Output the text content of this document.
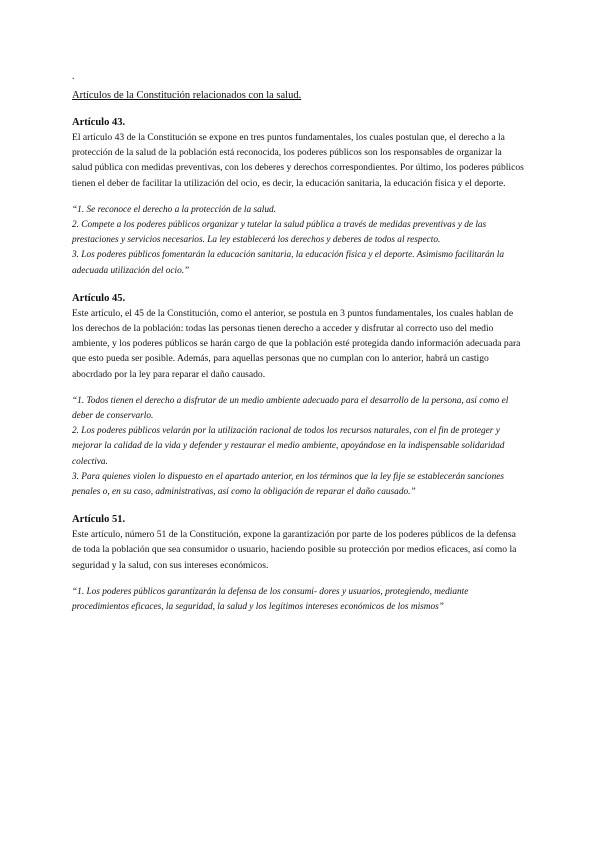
.
Artículos de la Constitución relacionados con la salud.
Artículo 43.

El artículo 43 de la Constitución se expone en tres puntos fundamentales, los cuales postulan que, el derecho a la protección de la salud de la población está reconocida, los poderes públicos son los responsables de organizar la salud pública con medidas preventivas, con los deberes y derechos correspondientes. Por último, los poderes públicos tienen el deber de facilitar la utilización del ocio, es decir, la educación sanitaria, la educación física y el deporte.

“1. Se reconoce el derecho a la protección de la salud.

2. Compete a los poderes públicos organizar y tutelar la salud pública a través de medidas preventivas y de las prestaciones y servicios necesarios. La ley establecerá los derechos y deberes de todos al respecto.

3. Los poderes públicos fomentarán la educación sanitaria, la educación física y el deporte. Asimismo facilitarán la adecuada utilización del ocio.”

Artículo 45.

Este artículo, el 45 de la Constitución, como el anterior, se postula en 3 puntos fundamentales, los cuales hablan de los derechos de la población: todas las personas tienen derecho a acceder y disfrutar al correcto uso del medio ambiente, y los poderes públicos se harán cargo de que la población esté protegida dando información adecuada para que esto pueda ser posible. Además, para aquellas personas que no cumplan con lo anterior, habrá un castigo abocrdado por la ley para reparar el daño causado.

“1. Todos tienen el derecho a disfrutar de un medio ambiente adecuado para el desarrollo de la persona, así como el deber de conservarlo.

2. Los poderes públicos velarán por la utilización racional de todos los recursos naturales, con el fin de proteger y mejorar la calidad de la vida y defender y restaurar el medio ambiente, apoyándose en la indispensable solidaridad colectiva.

3. Para quienes violen lo dispuesto en el apartado anterior, en los términos que la ley fije se establecerán sanciones penales o, en su caso, administrativas, así como la obligación de reparar el daño causado.”

Artículo 51.

Este artículo, número 51 de la Constitución, expone la garantización por parte de los poderes públicos de la defensa de toda la población que sea consumidor o usuario, haciendo posible su protección por medios eficaces, así como la seguridad y la salud, con sus intereses económicos.

“1. Los poderes públicos garantizarán la defensa de los consumi- dores y usuarios, protegiendo, mediante procedimientos eficaces, la seguridad, la salud y los legítimos intereses económicos de los mismos”
